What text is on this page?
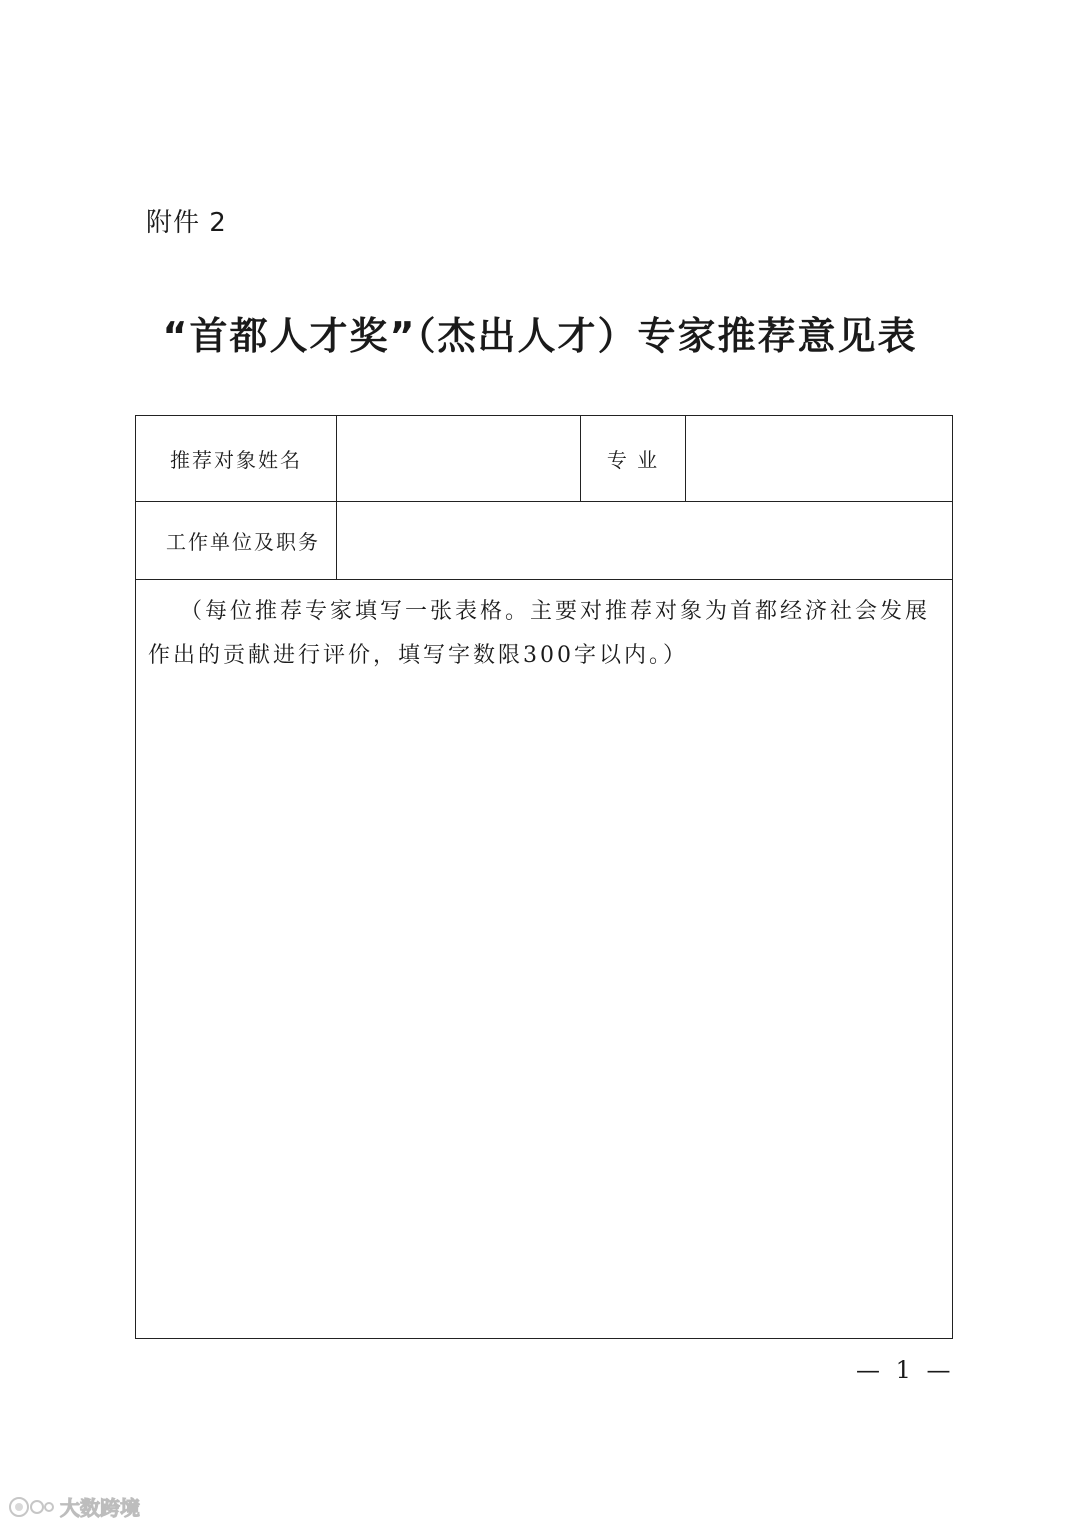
附件 2
“首都人才奖”（杰出人才）专家推荐意见表
推荐对象姓名		专 业	
工作单位及职务			
（每位推荐专家填写一张表格。主要对推荐对象为首都经济社会发展作出的贡献进行评价，填写字数限300字以内。）			
— 1 —
大数跨境
